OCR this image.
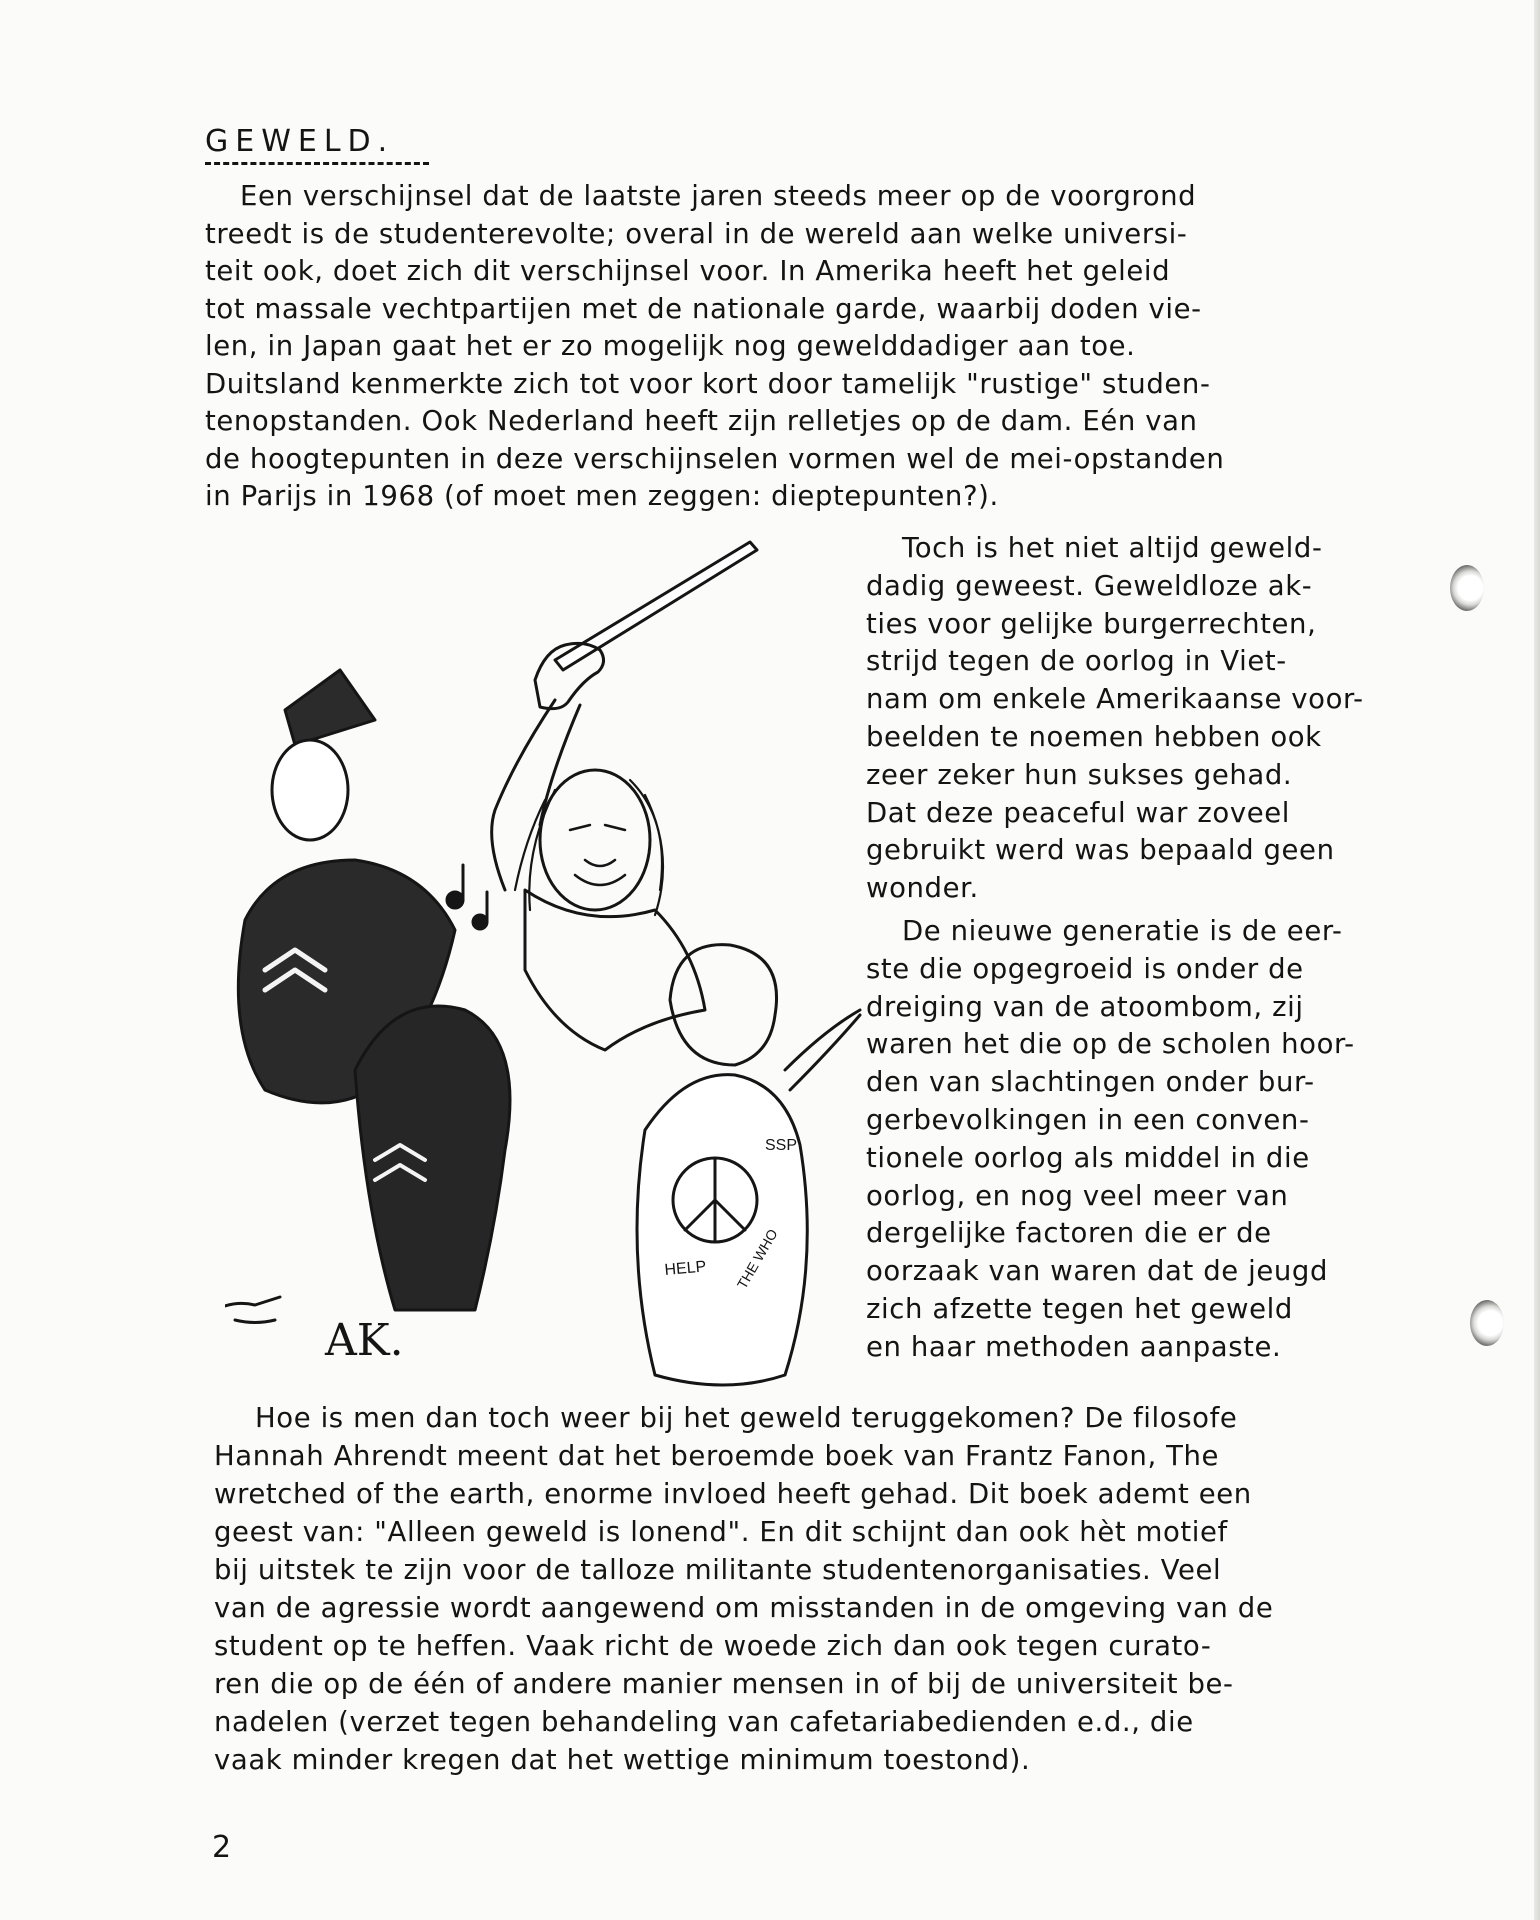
GEWELD.
Een verschijnsel dat de laatste jaren steeds meer op de voorgrond
treedt is de studenterevolte; overal in de wereld aan welke universi-
teit ook, doet zich dit verschijnsel voor. In Amerika heeft het geleid
tot massale vechtpartijen met de nationale garde, waarbij doden vie-
len, in Japan gaat het er zo mogelijk nog gewelddadiger aan toe.
Duitsland kenmerkte zich tot voor kort door tamelijk "rustige" studen-
tenopstanden. Ook Nederland heeft zijn relletjes op de dam. Eén van
de hoogtepunten in deze verschijnselen vormen wel de mei-opstanden
in Parijs in 1968 (of moet men zeggen: dieptepunten?).
Toch is het niet altijd geweld-
dadig geweest. Geweldloze ak-
ties voor gelijke burgerrechten,
strijd tegen de oorlog in Viet-
nam om enkele Amerikaanse voor-
beelden te noemen hebben ook
zeer zeker hun sukses gehad.
Dat deze peaceful war zoveel
gebruikt werd was bepaald geen
wonder.
De nieuwe generatie is de eer-
ste die opgegroeid is onder de
dreiging van de atoombom, zij
waren het die op de scholen hoor-
den van slachtingen onder bur-
gerbevolkingen in een conven-
tionele oorlog als middel in die
oorlog, en nog veel meer van
dergelijke factoren die er de
oorzaak van waren dat de jeugd
zich afzette tegen het geweld
en haar methoden aanpaste.
Hoe is men dan toch weer bij het geweld teruggekomen? De filosofe
Hannah Ahrendt meent dat het beroemde boek van Frantz Fanon, The
wretched of the earth, enorme invloed heeft gehad. Dit boek ademt een
geest van: "Alleen geweld is lonend". En dit schijnt dan ook hèt motief
bij uitstek te zijn voor de talloze militante studentenorganisaties. Veel
van de agressie wordt aangewend om misstanden in de omgeving van de
student op te heffen. Vaak richt de woede zich dan ook tegen curato-
ren die op de één of andere manier mensen in of bij de universiteit be-
nadelen (verzet tegen behandeling van cafetariabedienden e.d., die
vaak minder kregen dat het wettige minimum toestond).
HELP THE WHO
SSP
AK.
2
